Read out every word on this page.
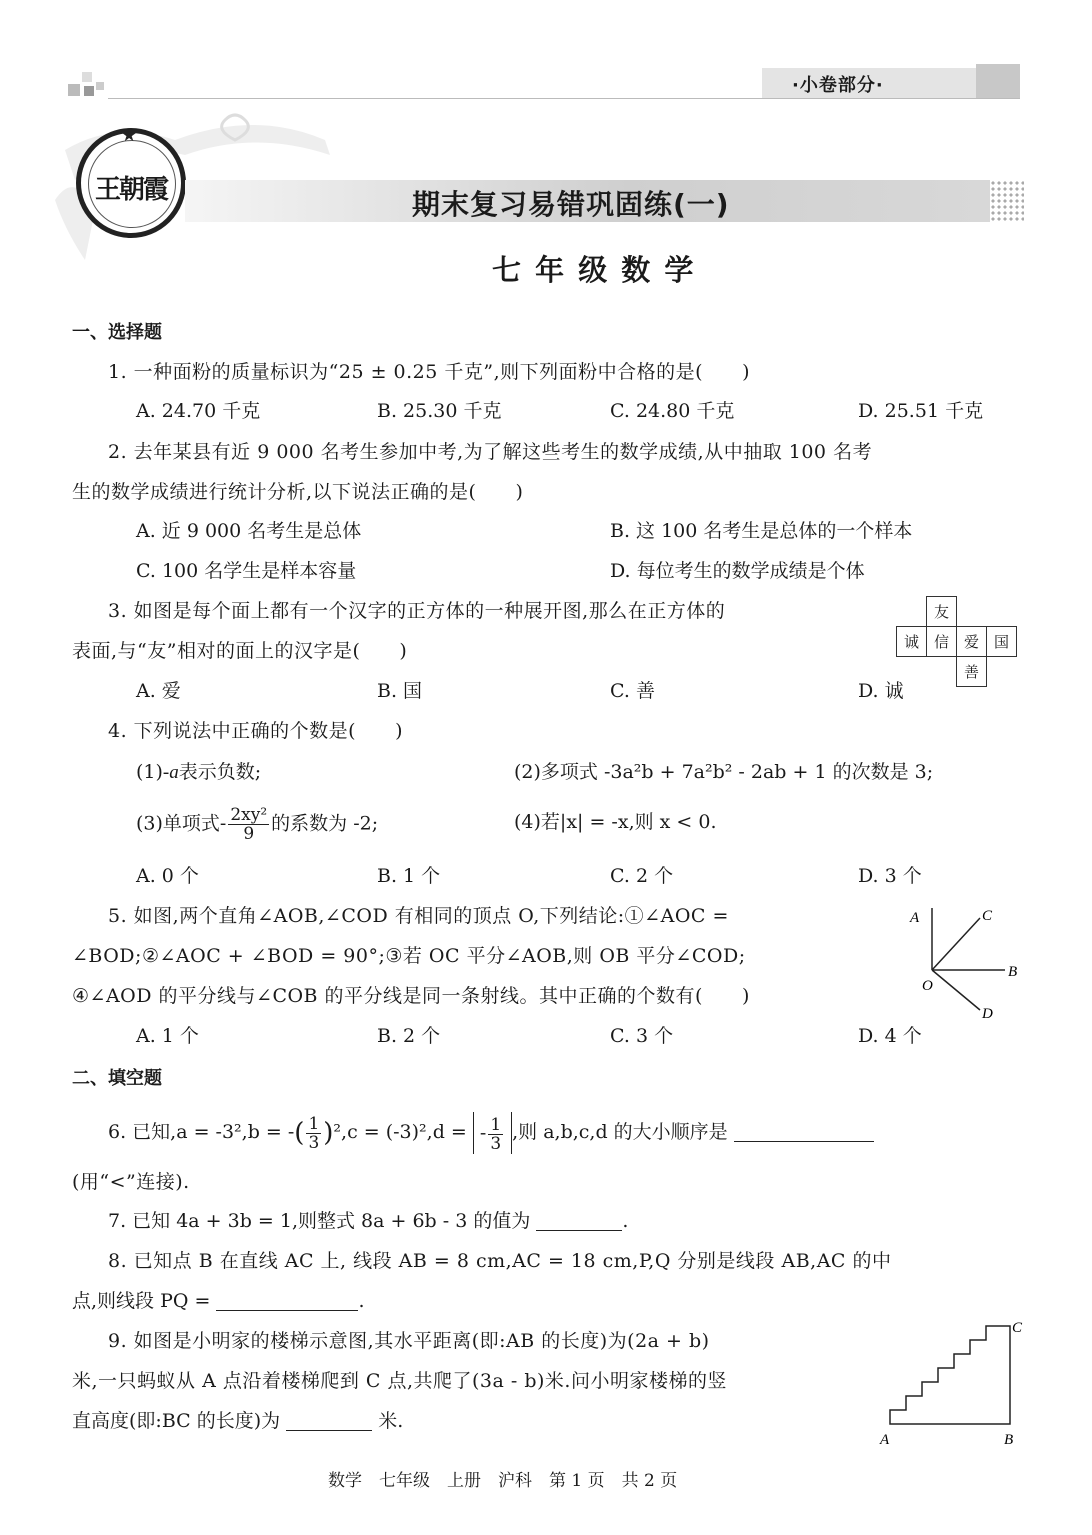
·小卷部分·
★
王朝霞	期末复习易错巩固练(一)
七 年 级 数 学
一、选择题
1. 一种面粉的质量标识为“25 ± 0.25 千克”,则下列面粉中合格的是(　　)
A. 24.70 千克	B. 25.30 千克	C. 24.80 千克	D. 25.51 千克
2. 去年某县有近 9 000 名考生参加中考,为了解这些考生的数学成绩,从中抽取 100 名考
生的数学成绩进行统计分析,以下说法正确的是(　　)
A. 近 9 000 名考生是总体	B. 这 100 名考生是总体的一个样本
C. 100 名学生是样本容量	D. 每位考生的数学成绩是个体
3. 如图是每个面上都有一个汉字的正方体的一种展开图,那么在正方体的
表面,与“友”相对的面上的汉字是(　　)
A. 爱	B. 国	C. 善	D. 诚
	友		
诚	信	爱	国
		善	
4. 下列说法中正确的个数是(　　)
(1)-a表示负数;	(2)多项式 -3a²b + 7a²b² - 2ab + 1 的次数是 3;
(3)单项式- $\frac{\text{2xy²}}{9}$ 的系数为 -2;	(4)若|x| = -x,则 x < 0.
A. 0 个	B. 1 个	C. 2 个	D. 3 个
5. 如图,两个直角∠AOB,∠COD 有相同的顶点 O,下列结论:①∠AOC =
∠BOD;②∠AOC + ∠BOD = 90°;③若 OC 平分∠AOB,则 OB 平分∠COD;
④∠AOD 的平分线与∠COB 的平分线是同一条射线。其中正确的个数有(　　)
A. 1 个	B. 2 个	C. 3 个	D. 4 个
A	C
B
O
D
二、填空题
6. 已知,a = -3²,b = -( $\frac{1}{3} )^2,c = (-3)^2,d$ = - $\frac{1}{3}$ ,则 a,b,c,d 的大小顺序是
(用“<”连接).
7. 已知 4a + 3b = 1,则整式 8a + 6b - 3 的值为	.
8. 已知点 B 在直线 AC 上, 线段 AB = 8 cm,AC = 18 cm,P,Q 分别是线段 AB,AC 的中
点,则线段 PQ =	.
9. 如图是小明家的楼梯示意图,其水平距离(即:AB 的长度)为(2a + b)
米,一只蚂蚁从 A 点沿着楼梯爬到 C 点,共爬了(3a - b)米.问小明家楼梯的竖
直高度(即:BC 的长度)为	米.
A	B
C
数学　七年级　上册　沪科　第 1 页　共 2 页
